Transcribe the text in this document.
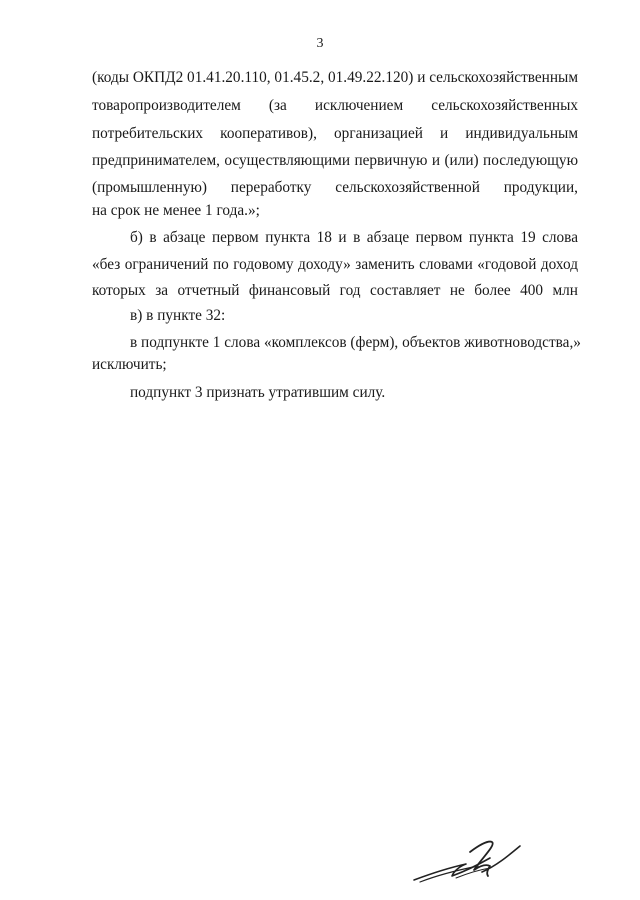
3
(коды ОКПД2 01.41.20.110, 01.45.2, 01.49.22.120) и сельскохозяйственным
товаропроизводителем (за исключением сельскохозяйственных
потребительских кооперативов), организацией и индивидуальным
предпринимателем, осуществляющими первичную и (или) последующую
(промышленную) переработку сельскохозяйственной продукции,
на срок не менее 1 года.»;
б) в абзаце первом пункта 18 и в абзаце первом пункта 19 слова
«без ограничений по годовому доходу» заменить словами «годовой доход
которых за отчетный финансовый год составляет не более 400 млн
в) в пункте 32:
в подпункте 1 слова «комплексов (ферм), объектов животноводства,»
исключить;
подпункт 3 признать утратившим силу.
